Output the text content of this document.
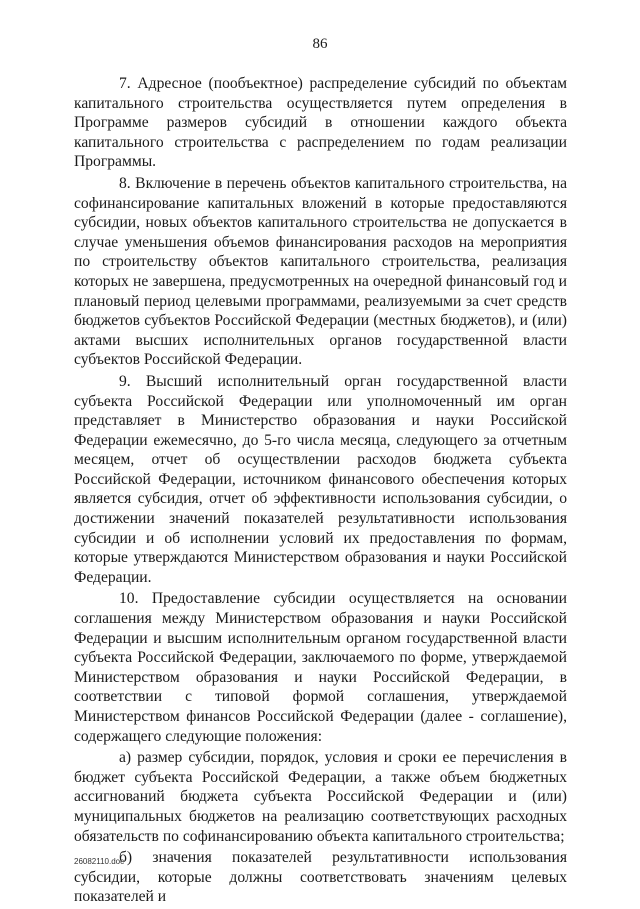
86

7. Адресное (пообъектное) распределение субсидий по объектам капитального строительства осуществляется путем определения в Программе размеров субсидий в отношении каждого объекта капитального строительства с распределением по годам реализации Программы.

8. Включение в перечень объектов капитального строительства, на софинансирование капитальных вложений в которые предоставляются субсидии, новых объектов капитального строительства не допускается в случае уменьшения объемов финансирования расходов на мероприятия по строительству объектов капитального строительства, реализация которых не завершена, предусмотренных на очередной финансовый год и плановый период целевыми программами, реализуемыми за счет средств бюджетов субъектов Российской Федерации (местных бюджетов), и (или) актами высших исполнительных органов государственной власти субъектов Российской Федерации.

9. Высший исполнительный орган государственной власти субъекта Российской Федерации или уполномоченный им орган представляет в Министерство образования и науки Российской Федерации ежемесячно, до 5-го числа месяца, следующего за отчетным месяцем, отчет об осуществлении расходов бюджета субъекта Российской Федерации, источником финансового обеспечения которых является субсидия, отчет об эффективности использования субсидии, о достижении значений показателей результативности использования субсидии и об исполнении условий их предоставления по формам, которые утверждаются Министерством образования и науки Российской Федерации.

10. Предоставление субсидии осуществляется на основании соглашения между Министерством образования и науки Российской Федерации и высшим исполнительным органом государственной власти субъекта Российской Федерации, заключаемого по форме, утверждаемой Министерством образования и науки Российской Федерации, в соответствии с типовой формой соглашения, утверждаемой Министерством финансов Российской Федерации (далее - соглашение), содержащего следующие положения:

а) размер субсидии, порядок, условия и сроки ее перечисления в бюджет субъекта Российской Федерации, а также объем бюджетных ассигнований бюджета субъекта Российской Федерации и (или) муниципальных бюджетов на реализацию соответствующих расходных обязательств по софинансированию объекта капитального строительства;

б) значения показателей результативности использования субсидии, которые должны соответствовать значениям целевых показателей и

26082110.doc
